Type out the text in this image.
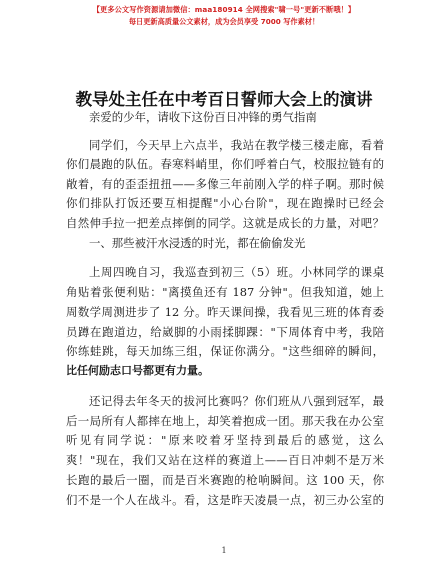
【更多公文写作资源请加微信：maa180914 全网搜索"啸一号"更新不断哦！】
每日更新高质量公文素材，成为会员享受 7000 写作素材！
教导处主任在中考百日誓师大会上的演讲
亲爱的少年，请收下这份百日冲锋的勇气指南
同学们，今天早上六点半，我站在教学楼三楼走廊，看着
你们晨跑的队伍。春寒料峭里，你们呼着白气，校服拉链有的
敞着，有的歪歪扭扭——多像三年前刚入学的样子啊。那时候
你们排队打饭还要互相提醒"小心台阶"，现在跑操时已经会
自然伸手拉一把差点摔倒的同学。这就是成长的力量，对吧？
一、那些被汗水浸透的时光，都在偷偷发光
上周四晚自习，我巡查到初三（5）班。小林同学的课桌
角贴着张便利贴："离摸鱼还有 187 分钟"。但我知道，她上
周数学周测进步了 12 分。昨天课间操，我看见三班的体育委
员蹲在跑道边，给崴脚的小雨揉脚踝："下周体育中考，我陪
你练蛙跳，每天加练三组，保证你满分。"这些细碎的瞬间，
比任何励志口号都更有力量。
还记得去年冬天的拔河比赛吗？你们班从八强到冠军，最
后一局所有人都摔在地上，却笑着抱成一团。那天我在办公室
听见有同学说："原来咬着牙坚持到最后的感觉，这么
爽！"现在，我们又站在这样的赛道上——百日冲刺不是万米
长跑的最后一圈，而是百米赛跑的枪响瞬间。这 100 天，你
们不是一个人在战斗。看，这是昨天凌晨一点，初三办公室的
1
